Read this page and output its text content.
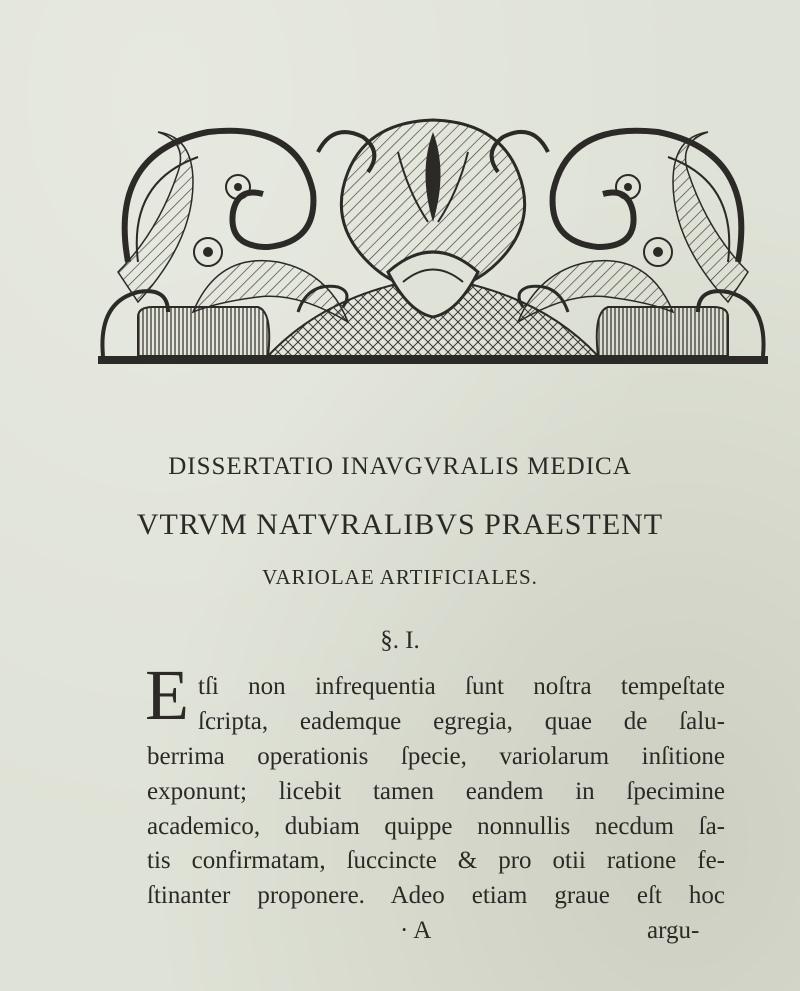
DISSERTATIO INAVGVRALIS MEDICA
VTRVM NATVRALIBVS PRAESTENT
VARIOLAE ARTIFICIALES.
§. I.
E tſi non infrequentia ſunt noſtra tempeſtate
ſcripta, eademque egregia, quae de ſalu-
berrima operationis ſpecie, variolarum inſitione
exponunt; licebit tamen eandem in ſpecimine
academico, dubiam quippe nonnullis necdum ſa-
tis confirmatam, ſuccincte & pro otii ratione fe-
ſtinanter proponere. Adeo etiam graue eſt hoc
· A	argu-
